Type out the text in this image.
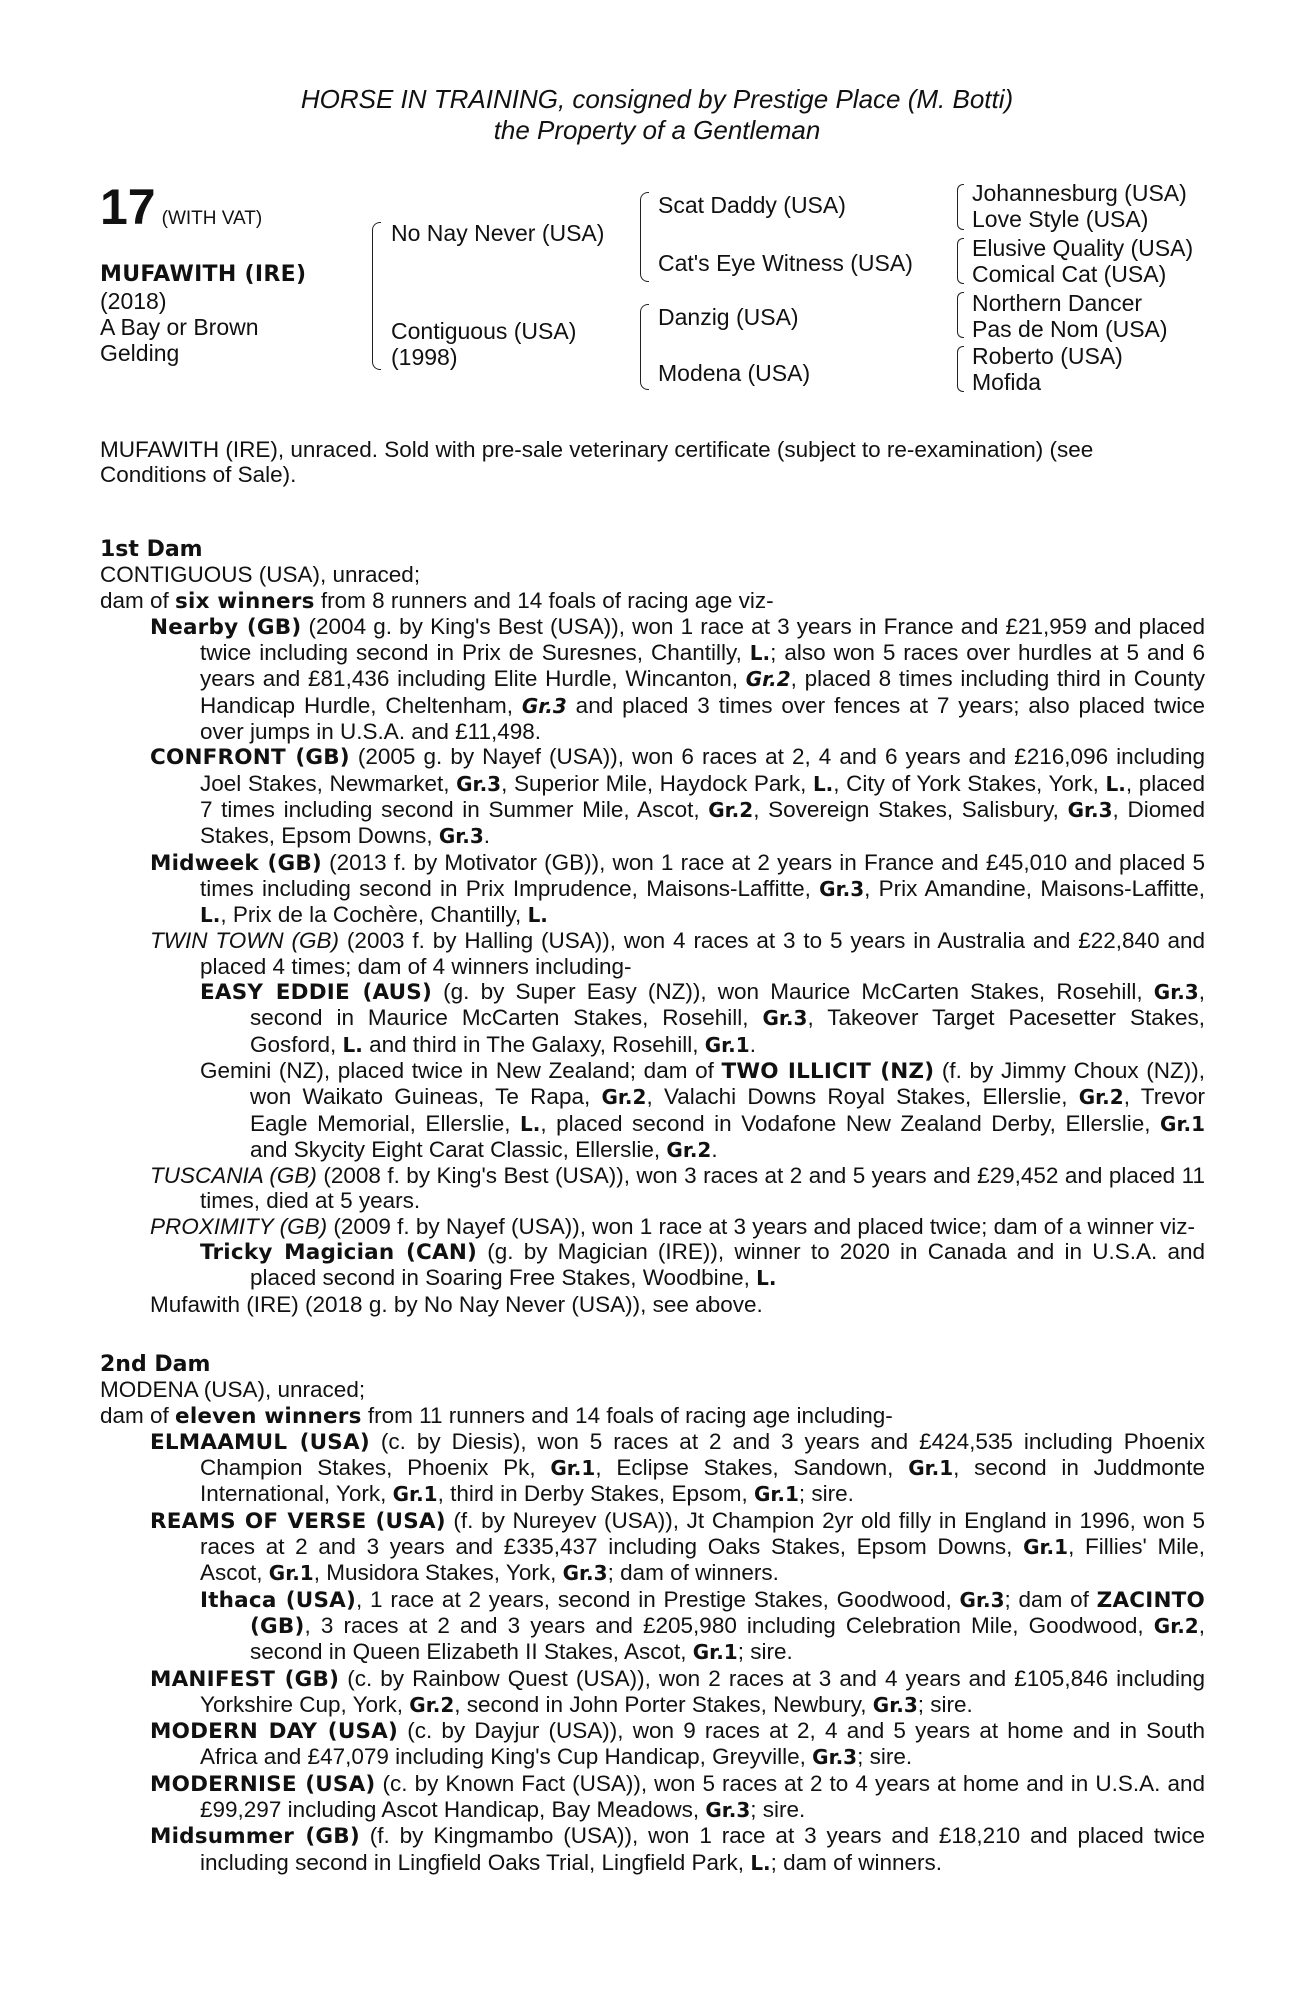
HORSE IN TRAINING, consigned by Prestige Place (M. Botti)
the Property of a Gentleman
17 (WITH VAT)
MUFAWITH (IRE)
(2018)
A Bay or Brown
Gelding
No Nay Never (USA)
Contiguous (USA)
(1998)
Scat Daddy (USA)
Cat's Eye Witness (USA)
Danzig (USA)
Modena (USA)
Johannesburg (USA)
Love Style (USA)
Elusive Quality (USA)
Comical Cat (USA)
Northern Dancer
Pas de Nom (USA)
Roberto (USA)
Mofida

MUFAWITH (IRE), unraced. Sold with pre-sale veterinary certificate (subject to re-examination) (see Conditions of Sale).

1st Dam

CONTIGUOUS (USA), unraced;

dam of six winners from 8 runners and 14 foals of racing age viz-

Nearby (GB) (2004 g. by King's Best (USA)), won 1 race at 3 years in France and £21,959 and placed twice including second in Prix de Suresnes, Chantilly, L.; also won 5 races over hurdles at 5 and 6 years and £81,436 including Elite Hurdle, Wincanton, Gr.2, placed 8 times including third in County Handicap Hurdle, Cheltenham, Gr.3 and placed 3 times over fences at 7 years; also placed twice over jumps in U.S.A. and £11,498.

CONFRONT (GB) (2005 g. by Nayef (USA)), won 6 races at 2, 4 and 6 years and £216,096 including Joel Stakes, Newmarket, Gr.3, Superior Mile, Haydock Park, L., City of York Stakes, York, L., placed 7 times including second in Summer Mile, Ascot, Gr.2, Sovereign Stakes, Salisbury, Gr.3, Diomed Stakes, Epsom Downs, Gr.3.

Midweek (GB) (2013 f. by Motivator (GB)), won 1 race at 2 years in France and £45,010 and placed 5 times including second in Prix Imprudence, Maisons-Laffitte, Gr.3, Prix Amandine, Maisons-Laffitte, L., Prix de la Cochère, Chantilly, L.

TWIN TOWN (GB) (2003 f. by Halling (USA)), won 4 races at 3 to 5 years in Australia and £22,840 and placed 4 times; dam of 4 winners including-

EASY EDDIE (AUS) (g. by Super Easy (NZ)), won Maurice McCarten Stakes, Rosehill, Gr.3, second in Maurice McCarten Stakes, Rosehill, Gr.3, Takeover Target Pacesetter Stakes, Gosford, L. and third in The Galaxy, Rosehill, Gr.1.

Gemini (NZ), placed twice in New Zealand; dam of TWO ILLICIT (NZ) (f. by Jimmy Choux (NZ)), won Waikato Guineas, Te Rapa, Gr.2, Valachi Downs Royal Stakes, Ellerslie, Gr.2, Trevor Eagle Memorial, Ellerslie, L., placed second in Vodafone New Zealand Derby, Ellerslie, Gr.1 and Skycity Eight Carat Classic, Ellerslie, Gr.2.

TUSCANIA (GB) (2008 f. by King's Best (USA)), won 3 races at 2 and 5 years and £29,452 and placed 11 times, died at 5 years.

PROXIMITY (GB) (2009 f. by Nayef (USA)), won 1 race at 3 years and placed twice; dam of a winner viz-

Tricky Magician (CAN) (g. by Magician (IRE)), winner to 2020 in Canada and in U.S.A. and placed second in Soaring Free Stakes, Woodbine, L.

Mufawith (IRE) (2018 g. by No Nay Never (USA)), see above.

2nd Dam

MODENA (USA), unraced;

dam of eleven winners from 11 runners and 14 foals of racing age including-

ELMAAMUL (USA) (c. by Diesis), won 5 races at 2 and 3 years and £424,535 including Phoenix Champion Stakes, Phoenix Pk, Gr.1, Eclipse Stakes, Sandown, Gr.1, second in Juddmonte International, York, Gr.1, third in Derby Stakes, Epsom, Gr.1; sire.

REAMS OF VERSE (USA) (f. by Nureyev (USA)), Jt Champion 2yr old filly in England in 1996, won 5 races at 2 and 3 years and £335,437 including Oaks Stakes, Epsom Downs, Gr.1, Fillies' Mile, Ascot, Gr.1, Musidora Stakes, York, Gr.3; dam of winners.

Ithaca (USA), 1 race at 2 years, second in Prestige Stakes, Goodwood, Gr.3; dam of ZACINTO (GB), 3 races at 2 and 3 years and £205,980 including Celebration Mile, Goodwood, Gr.2, second in Queen Elizabeth II Stakes, Ascot, Gr.1; sire.

MANIFEST (GB) (c. by Rainbow Quest (USA)), won 2 races at 3 and 4 years and £105,846 including Yorkshire Cup, York, Gr.2, second in John Porter Stakes, Newbury, Gr.3; sire.

MODERN DAY (USA) (c. by Dayjur (USA)), won 9 races at 2, 4 and 5 years at home and in South Africa and £47,079 including King's Cup Handicap, Greyville, Gr.3; sire.

MODERNISE (USA) (c. by Known Fact (USA)), won 5 races at 2 to 4 years at home and in U.S.A. and £99,297 including Ascot Handicap, Bay Meadows, Gr.3; sire.

Midsummer (GB) (f. by Kingmambo (USA)), won 1 race at 3 years and £18,210 and placed twice including second in Lingfield Oaks Trial, Lingfield Park, L.; dam of winners.
